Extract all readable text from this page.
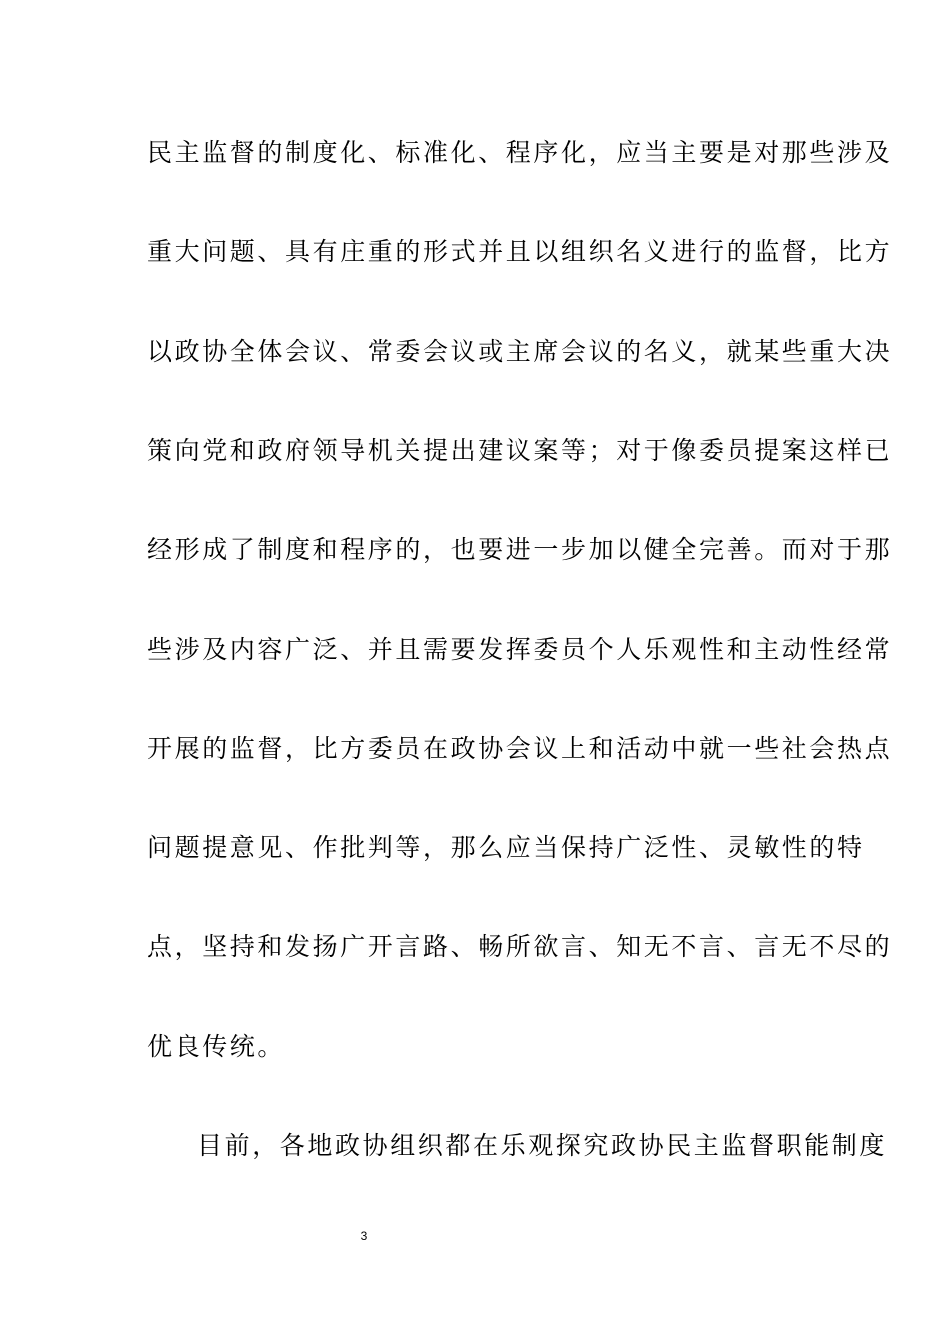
民主监督的制度化、标准化、程序化，应当主要是对那些涉及
重大问题、具有庄重的形式并且以组织名义进行的监督，比方
以政协全体会议、常委会议或主席会议的名义，就某些重大决
策向党和政府领导机关提出建议案等；对于像委员提案这样已
经形成了制度和程序的，也要进一步加以健全完善。而对于那
些涉及内容广泛、并且需要发挥委员个人乐观性和主动性经常
开展的监督，比方委员在政协会议上和活动中就一些社会热点
问题提意见、作批判等，那么应当保持广泛性、灵敏性的特
点，坚持和发扬广开言路、畅所欲言、知无不言、言无不尽的
优良传统。
目前，各地政协组织都在乐观探究政协民主监督职能制度
3
